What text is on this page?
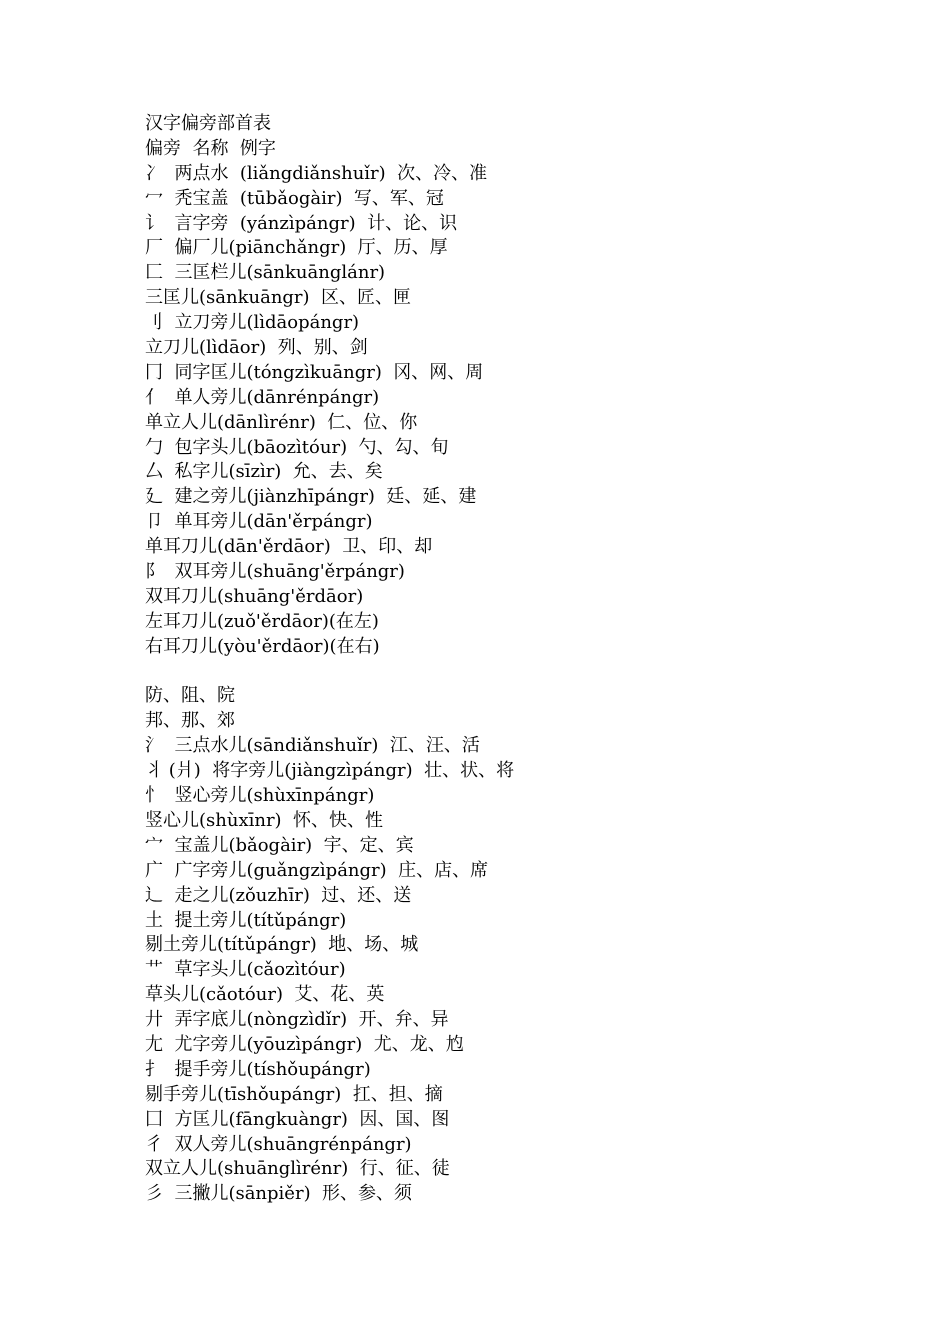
汉字偏旁部首表
偏旁  名称  例字
冫  两点水  (liǎngdiǎnshuǐr)  次、冷、准
冖  秃宝盖  (tūbǎogàir)  写、军、冠
讠  言字旁  (yánzìpángr)  计、论、识
厂  偏厂儿(piānchǎngr)  厅、历、厚
匚  三匡栏儿(sānkuānglánr)
三匡儿(sānkuāngr)  区、匠、匣
刂  立刀旁儿(lìdāopángr)
立刀儿(lìdāor)  列、别、剑
冂  同字匡儿(tóngzìkuāngr)  冈、网、周
亻  单人旁儿(dānrénpángr)
单立人儿(dānlìrénr)  仁、位、你
勹  包字头儿(bāozìtóur)  勺、勾、旬
厶  私字儿(sīzìr)  允、去、矣
廴  建之旁儿(jiànzhīpángr)  廷、延、建
卩  单耳旁儿(dān'ěrpángr)
单耳刀儿(dān'ěrdāor)  卫、印、却
阝  双耳旁儿(shuāng'ěrpángr)
双耳刀儿(shuāng'ěrdāor)
左耳刀儿(zuǒ'ěrdāor)(在左)
右耳刀儿(yòu'ěrdāor)(在右)
防、阻、院
邦、那、郊
氵  三点水儿(sāndiǎnshuǐr)  江、汪、活
丬 (爿)  将字旁儿(jiàngzìpángr)  壮、状、将
忄  竖心旁儿(shùxīnpángr)
竖心儿(shùxīnr)  怀、快、性
宀  宝盖儿(bǎogàir)  宇、定、宾
广  广字旁儿(guǎngzìpángr)  庄、店、席
辶  走之儿(zǒuzhīr)  过、还、送
土  提土旁儿(títǔpángr)
剔土旁儿(títǔpángr)  地、场、城
艹  草字头儿(cǎozìtóur)
草头儿(cǎotóur)  艾、花、英
廾  弄字底儿(nòngzìdǐr)  开、弁、异
尢  尤字旁儿(yōuzìpángr)  尤、龙、尥
扌  提手旁儿(tíshǒupángr)
剔手旁儿(tīshǒupángr)  扛、担、摘
囗  方匡儿(fāngkuàngr)  因、国、图
彳  双人旁儿(shuāngrénpángr)
双立人儿(shuānglìrénr)  行、征、徒
彡  三撇儿(sānpiěr)  形、参、须
